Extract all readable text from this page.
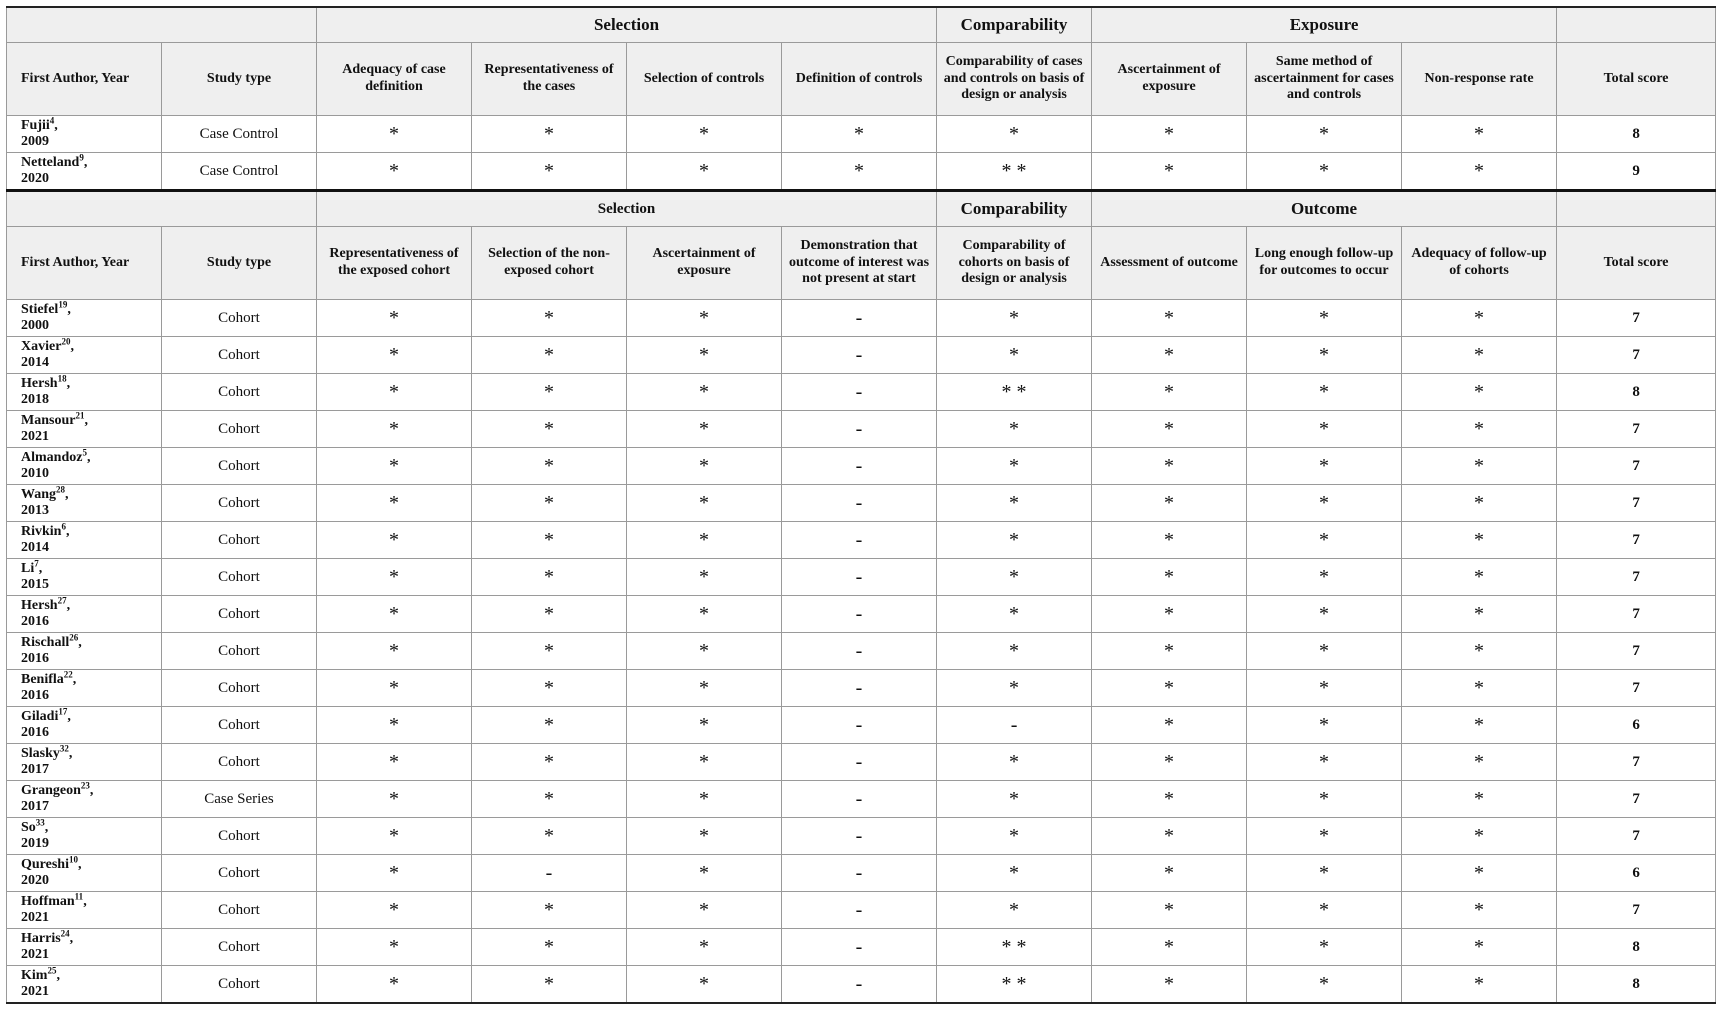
		Selection				Comparability	Exposure			
First Author, Year	Study type	Adequacy of case definition	Representativeness of the cases	Selection of controls	Definition of controls	Comparability of cases and controls on basis of design or analysis	Ascertainment of exposure	Same method of ascertainment for cases and controls	Non-response rate	Total score
Fujii$^4$,
2009	Case Control	*	*	*	*	*	*	*	*	8
Netteland$^9$,
2020	Case Control	*	*	*	*	* *	*	*	*	9
		Selection				Comparability	Outcome			
First Author, Year	Study type	Representativeness of the exposed cohort	Selection of the non-exposed cohort	Ascertainment of exposure	Demonstration that outcome of interest was not present at start	Comparability of cohorts on basis of design or analysis	Assessment of outcome	Long enough follow-up for outcomes to occur	Adequacy of follow-up of cohorts	Total score
Stiefel$^{19}$,
2000	Cohort	*	*	*	-	*	*	*	*	7
Xavier$^{20}$,
2014	Cohort	*	*	*	-	*	*	*	*	7
Hersh$^{18}$,
2018	Cohort	*	*	*	-	* *	*	*	*	8
Mansour$^{21}$,
2021	Cohort	*	*	*	-	*	*	*	*	7
Almandoz$^5$,
2010	Cohort	*	*	*	-	*	*	*	*	7
Wang$^{28}$,
2013	Cohort	*	*	*	-	*	*	*	*	7
Rivkin$^6$,
2014	Cohort	*	*	*	-	*	*	*	*	7
Li$^7$,
2015	Cohort	*	*	*	-	*	*	*	*	7
Hersh$^{27}$,
2016	Cohort	*	*	*	-	*	*	*	*	7
Rischall$^{26}$,
2016	Cohort	*	*	*	-	*	*	*	*	7
Benifla$^{22}$,
2016	Cohort	*	*	*	-	*	*	*	*	7
Giladi$^{17}$,
2016	Cohort	*	*	*	-	-	*	*	*	6
Slasky$^{32}$,
2017	Cohort	*	*	*	-	*	*	*	*	7
Grangeon$^{23}$,
2017	Case Series	*	*	*	-	*	*	*	*	7
So$^{33}$,
2019	Cohort	*	*	*	-	*	*	*	*	7
Qureshi$^{10}$,
2020	Cohort	*	-	*	-	*	*	*	*	6
Hoffman$^{11}$,
2021	Cohort	*	*	*	-	*	*	*	*	7
Harris$^{24}$,
2021	Cohort	*	*	*	-	* *	*	*	*	8
Kim$^{25}$,
2021	Cohort	*	*	*	-	* *	*	*	*	8
